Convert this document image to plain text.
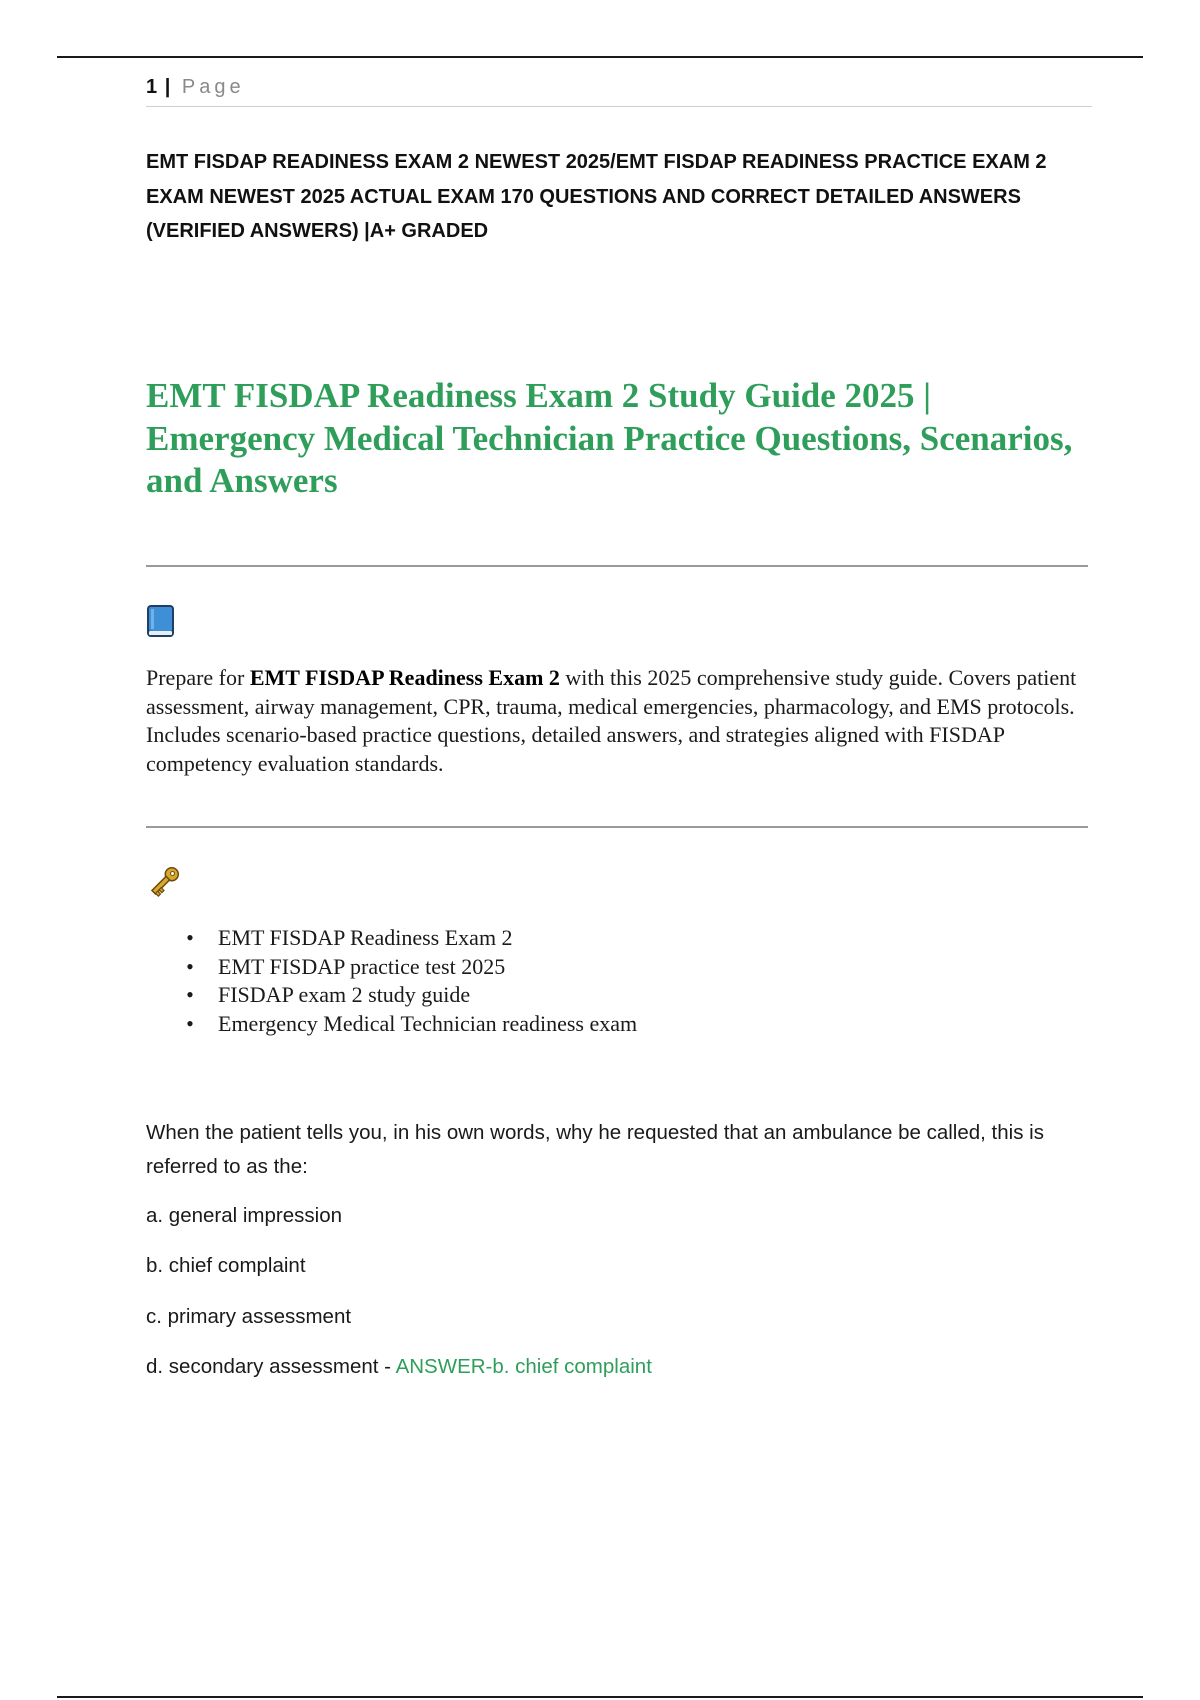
1 | Page
EMT FISDAP READINESS EXAM 2 NEWEST 2025/EMT FISDAP READINESS PRACTICE EXAM 2 EXAM NEWEST 2025 ACTUAL EXAM 170 QUESTIONS AND CORRECT DETAILED ANSWERS (VERIFIED ANSWERS) |A+ GRADED
EMT FISDAP Readiness Exam 2 Study Guide 2025 | Emergency Medical Technician Practice Questions, Scenarios, and Answers
Prepare for EMT FISDAP Readiness Exam 2 with this 2025 comprehensive study guide. Covers patient assessment, airway management, CPR, trauma, medical emergencies, pharmacology, and EMS protocols. Includes scenario-based practice questions, detailed answers, and strategies aligned with FISDAP competency evaluation standards.
• EMT FISDAP Readiness Exam 2
• EMT FISDAP practice test 2025
• FISDAP exam 2 study guide
• Emergency Medical Technician readiness exam
When the patient tells you, in his own words, why he requested that an ambulance be called, this is referred to as the:
a. general impression
b. chief complaint
c. primary assessment
d. secondary assessment - ANSWER-b. chief complaint
